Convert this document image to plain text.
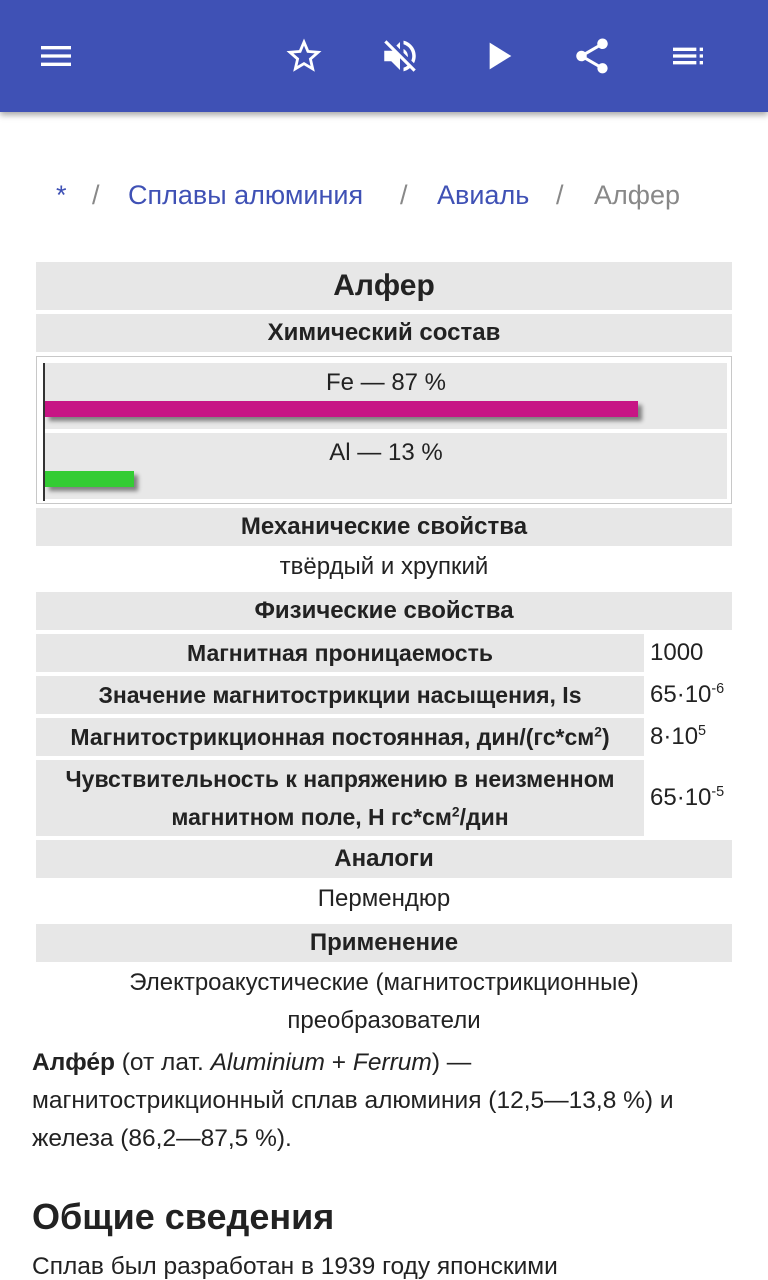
* / Сплавы алюминия / Авиаль / Алфер
Алфер
Химический состав
Fe — 87 %
Al — 13 %
Механические свойства
твёрдый и хрупкий
Физические свойства
Магнитная проницаемость	1000
Значение магнитострикции насыщения, Is	$65\cdot 10^{-6}$
Магнитострикционная постоянная, дин/$(гс*см^2)$ $8\cdot 10^5$
Чувствительность к напряжению в неизменном
магнитном поле, Н $гс*см^2$/дин
$65\cdot 10^{-5}$
Аналоги
Пермендюр
Применение
Электроакустические (магнитострикционные)
преобразователи
Алфе́р (от лат. Aluminium + Ferrum) —
магнитострикционный сплав алюминия (12,5—13,8 %) и
железа (86,2—87,5 %).
Общие сведения
Сплав был разработан в 1939 году японскими
